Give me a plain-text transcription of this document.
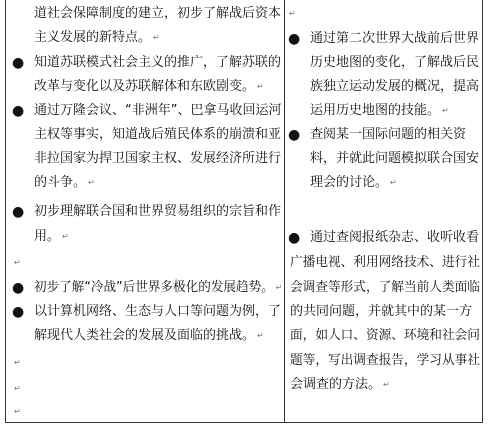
道社会保障制度的建立，初步了解战后资本
主义发展的新特点。 ↵
● 知道苏联模式社会主义的推广，了解苏联的
改革与变化以及苏联解体和东欧剧变。 ↵
● 通过万隆会议、“非洲年”、巴拿马收回运河
主权等事实，知道战后殖民体系的崩溃和亚
非拉国家为捍卫国家主权、发展经济所进行
的斗争。 ↵
● 初步理解联合国和世界贸易组织的宗旨和作
用。 ↵
↵
● 初步了解“冷战”后世界多极化的发展趋势。 ↵
● 以计算机网络、生态与人口等问题为例，了
解现代人类社会的发展及面临的挑战。 ↵
↵
↵
↵
↵
● 通过第二次世界大战前后世界
历史地图的变化，了解战后民
族独立运动发展的概况，提高
运用历史地图的技能。 ↵
● 查阅某一国际问题的相关资
料，并就此问题模拟联合国安
理会的讨论。 ↵
● 通过查阅报纸杂志、收听收看
广播电视、利用网络技术、进行社
会调查等形式，了解当前人类面临
的共同问题，并就其中的某一方
面，如人口、资源、环境和社会问
题等，写出调查报告，学习从事社
会调查的方法。 ↵
